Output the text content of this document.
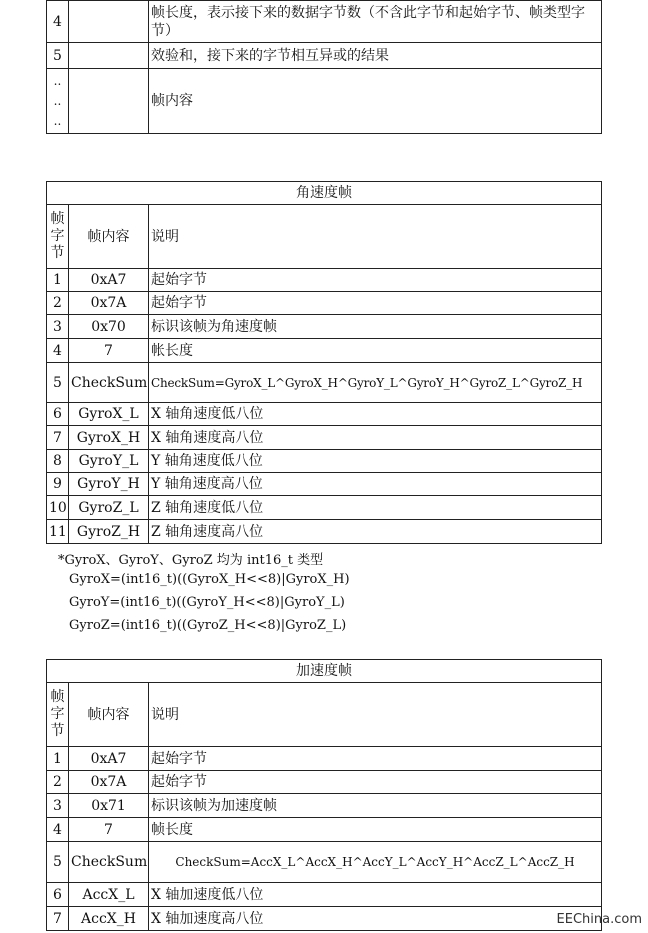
4		帧长度，表示接下来的数据字节数（不含此字节和起始字节、帧类型字节）
5		效验和，接下来的字节相互异或的结果
..
..
..		帧内容
角速度帧		
帧
字
节	帧内容	说明
1	0xA7	起始字节
2	0x7A	起始字节
3	0x70	标识该帧为角速度帧
4	7	帐长度
5	CheckSum	CheckSum=GyroX_L^GyroX_H^GyroY_L^GyroY_H^GyroZ_L^GyroZ_H
6	GyroX_L	X 轴角速度低八位
7	GyroX_H	X 轴角速度高八位
8	GyroY_L	Y 轴角速度低八位
9	GyroY_H	Y 轴角速度高八位
10	GyroZ_L	Z 轴角速度低八位
11	GyroZ_H	Z 轴角速度高八位
*GyroX、GyroY、GyroZ 均为 int16_t 类型
GyroX=(int16_t)((GyroX_H<<8)|GyroX_H)
GyroY=(int16_t)((GyroY_H<<8)|GyroY_L)
GyroZ=(int16_t)((GyroZ_H<<8)|GyroZ_L)
加速度帧		
帧
字
节	帧内容	说明
1	0xA7	起始字节
2	0x7A	起始字节
3	0x71	标识该帧为加速度帧
4	7	帧长度
5	CheckSum	CheckSum=AccX_L^AccX_H^AccY_L^AccY_H^AccZ_L^AccZ_H
6	AccX_L	X 轴加速度低八位
7	AccX_H	X 轴加速度高八位	EEChina.com
